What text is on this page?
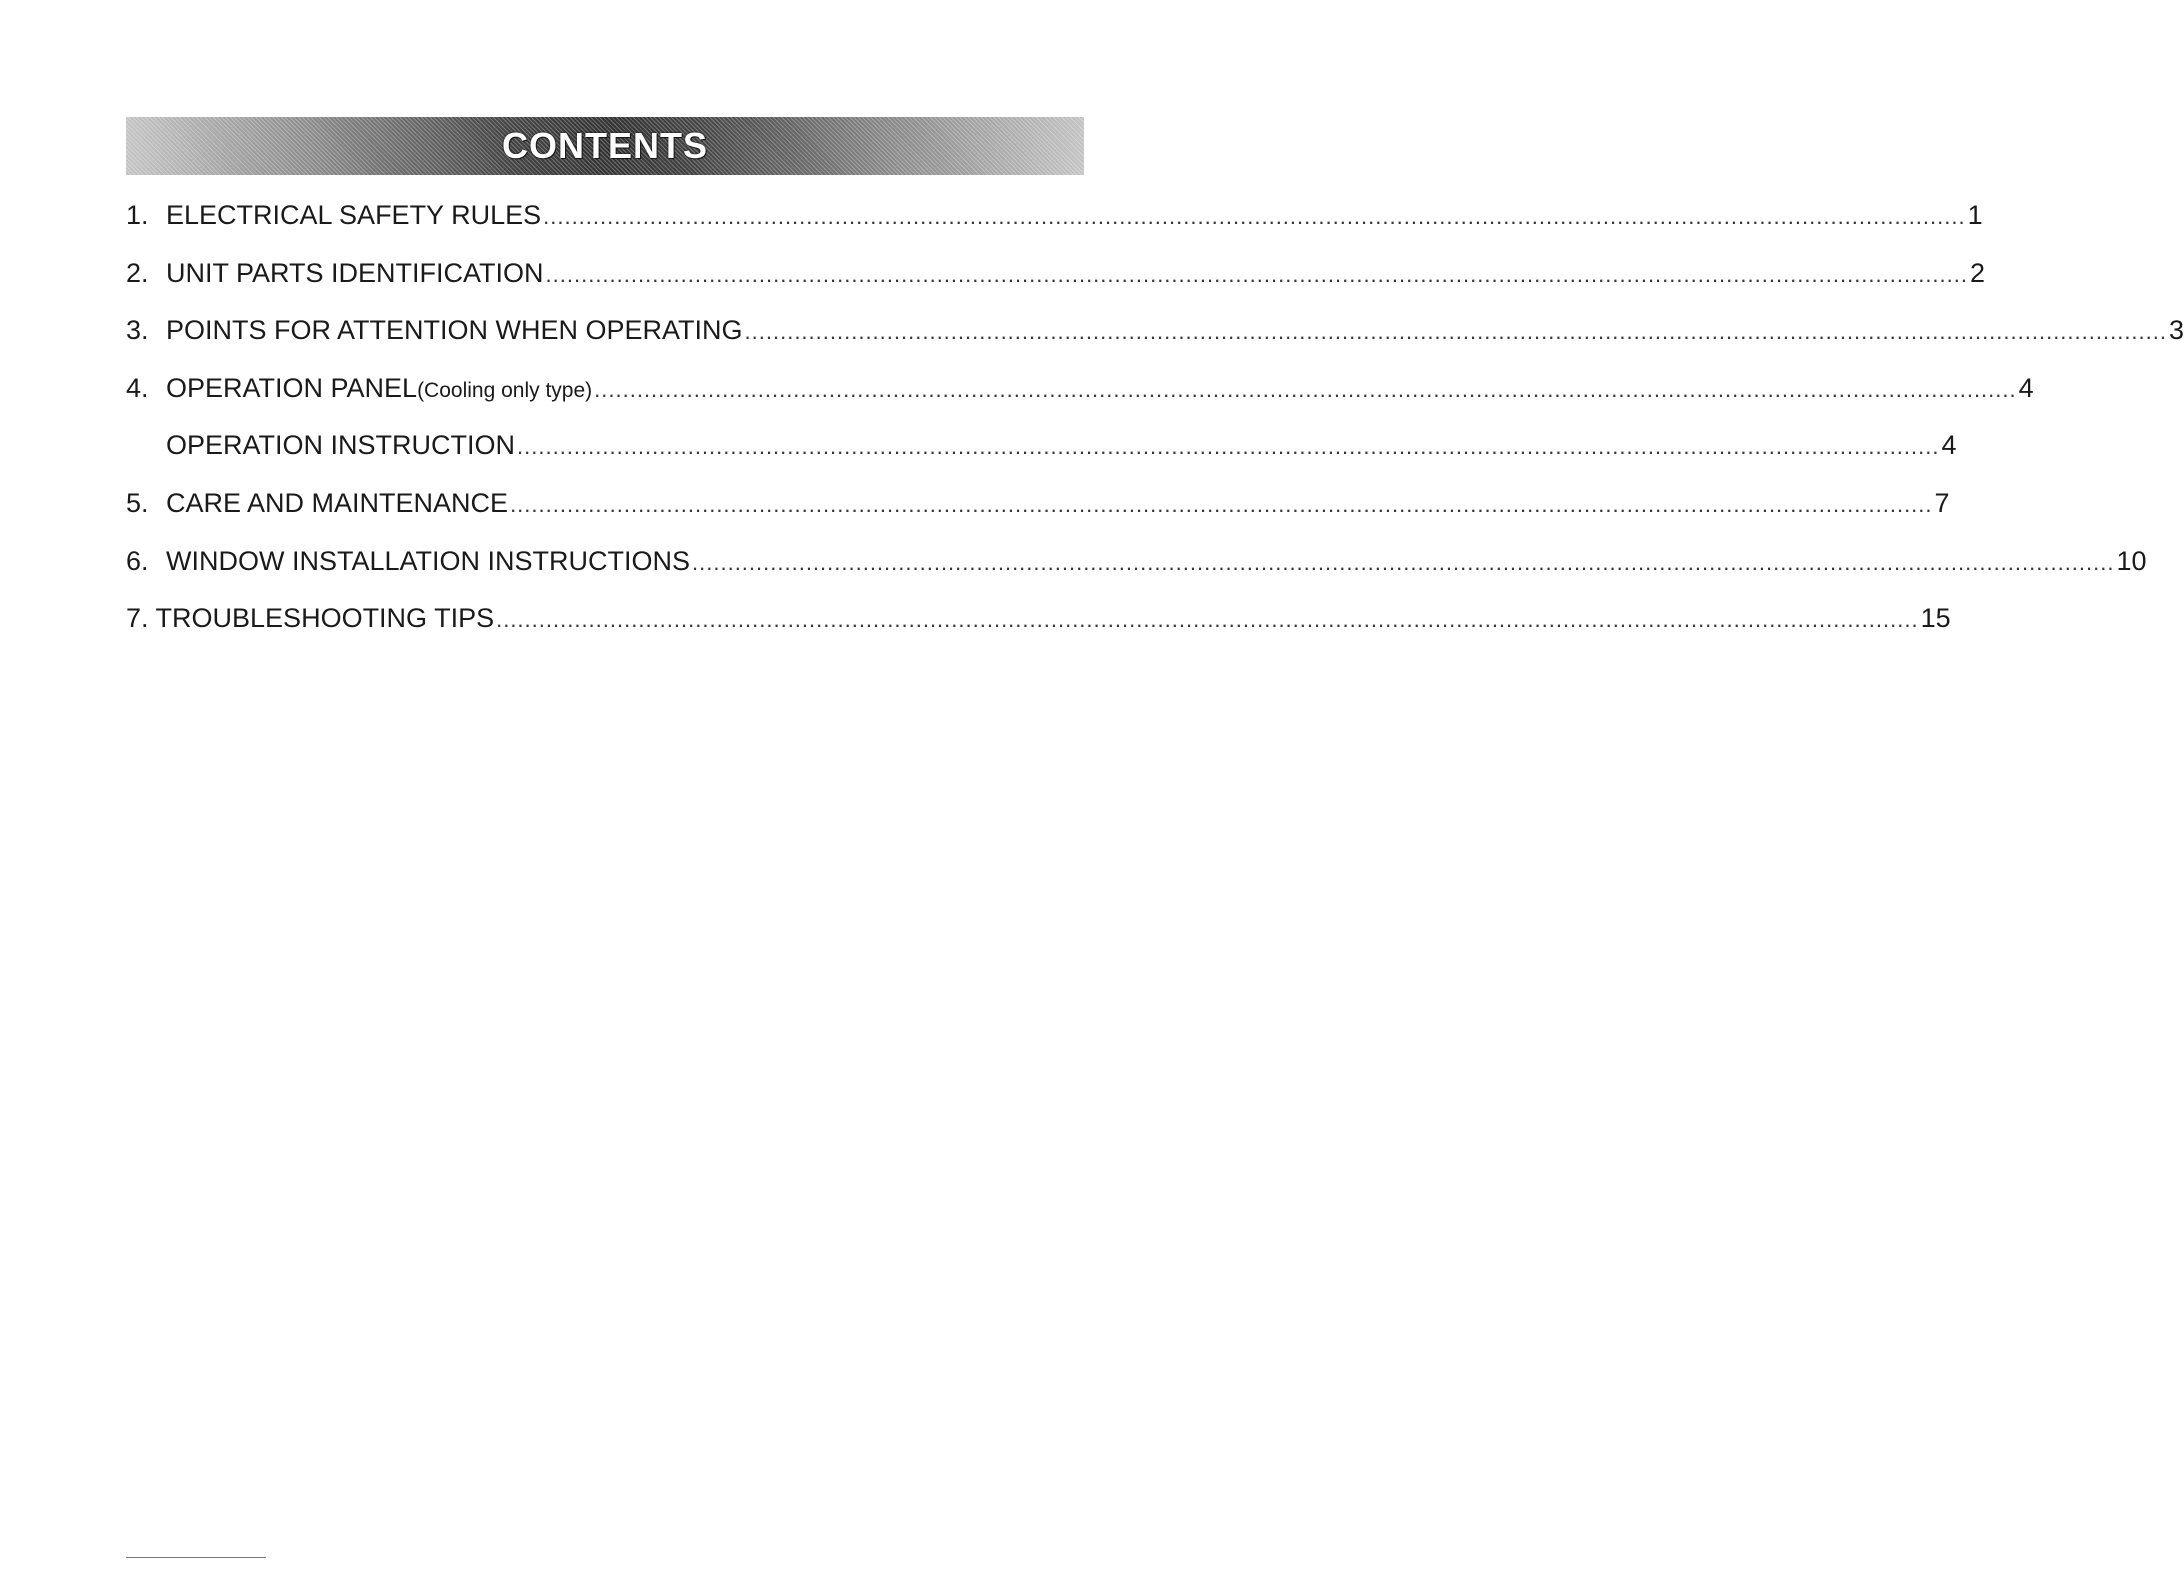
CONTENTS
1. ELECTRICAL SAFETY RULES ........................................................................................................................................................................................................ 1
2. UNIT PARTS IDENTIFICATION ........................................................................................................................................................................................................ 2
3. POINTS FOR ATTENTION WHEN OPERATING ........................................................................................................................................................................................................ 3
4. OPERATION PANEL(Cooling only type) ........................................................................................................................................................................................................ 4
OPERATION INSTRUCTION ........................................................................................................................................................................................................ 4
5. CARE AND MAINTENANCE ........................................................................................................................................................................................................ 7
6. WINDOW INSTALLATION INSTRUCTIONS ........................................................................................................................................................................................................ 10
7. TROUBLESHOOTING TIPS ........................................................................................................................................................................................................ 15
